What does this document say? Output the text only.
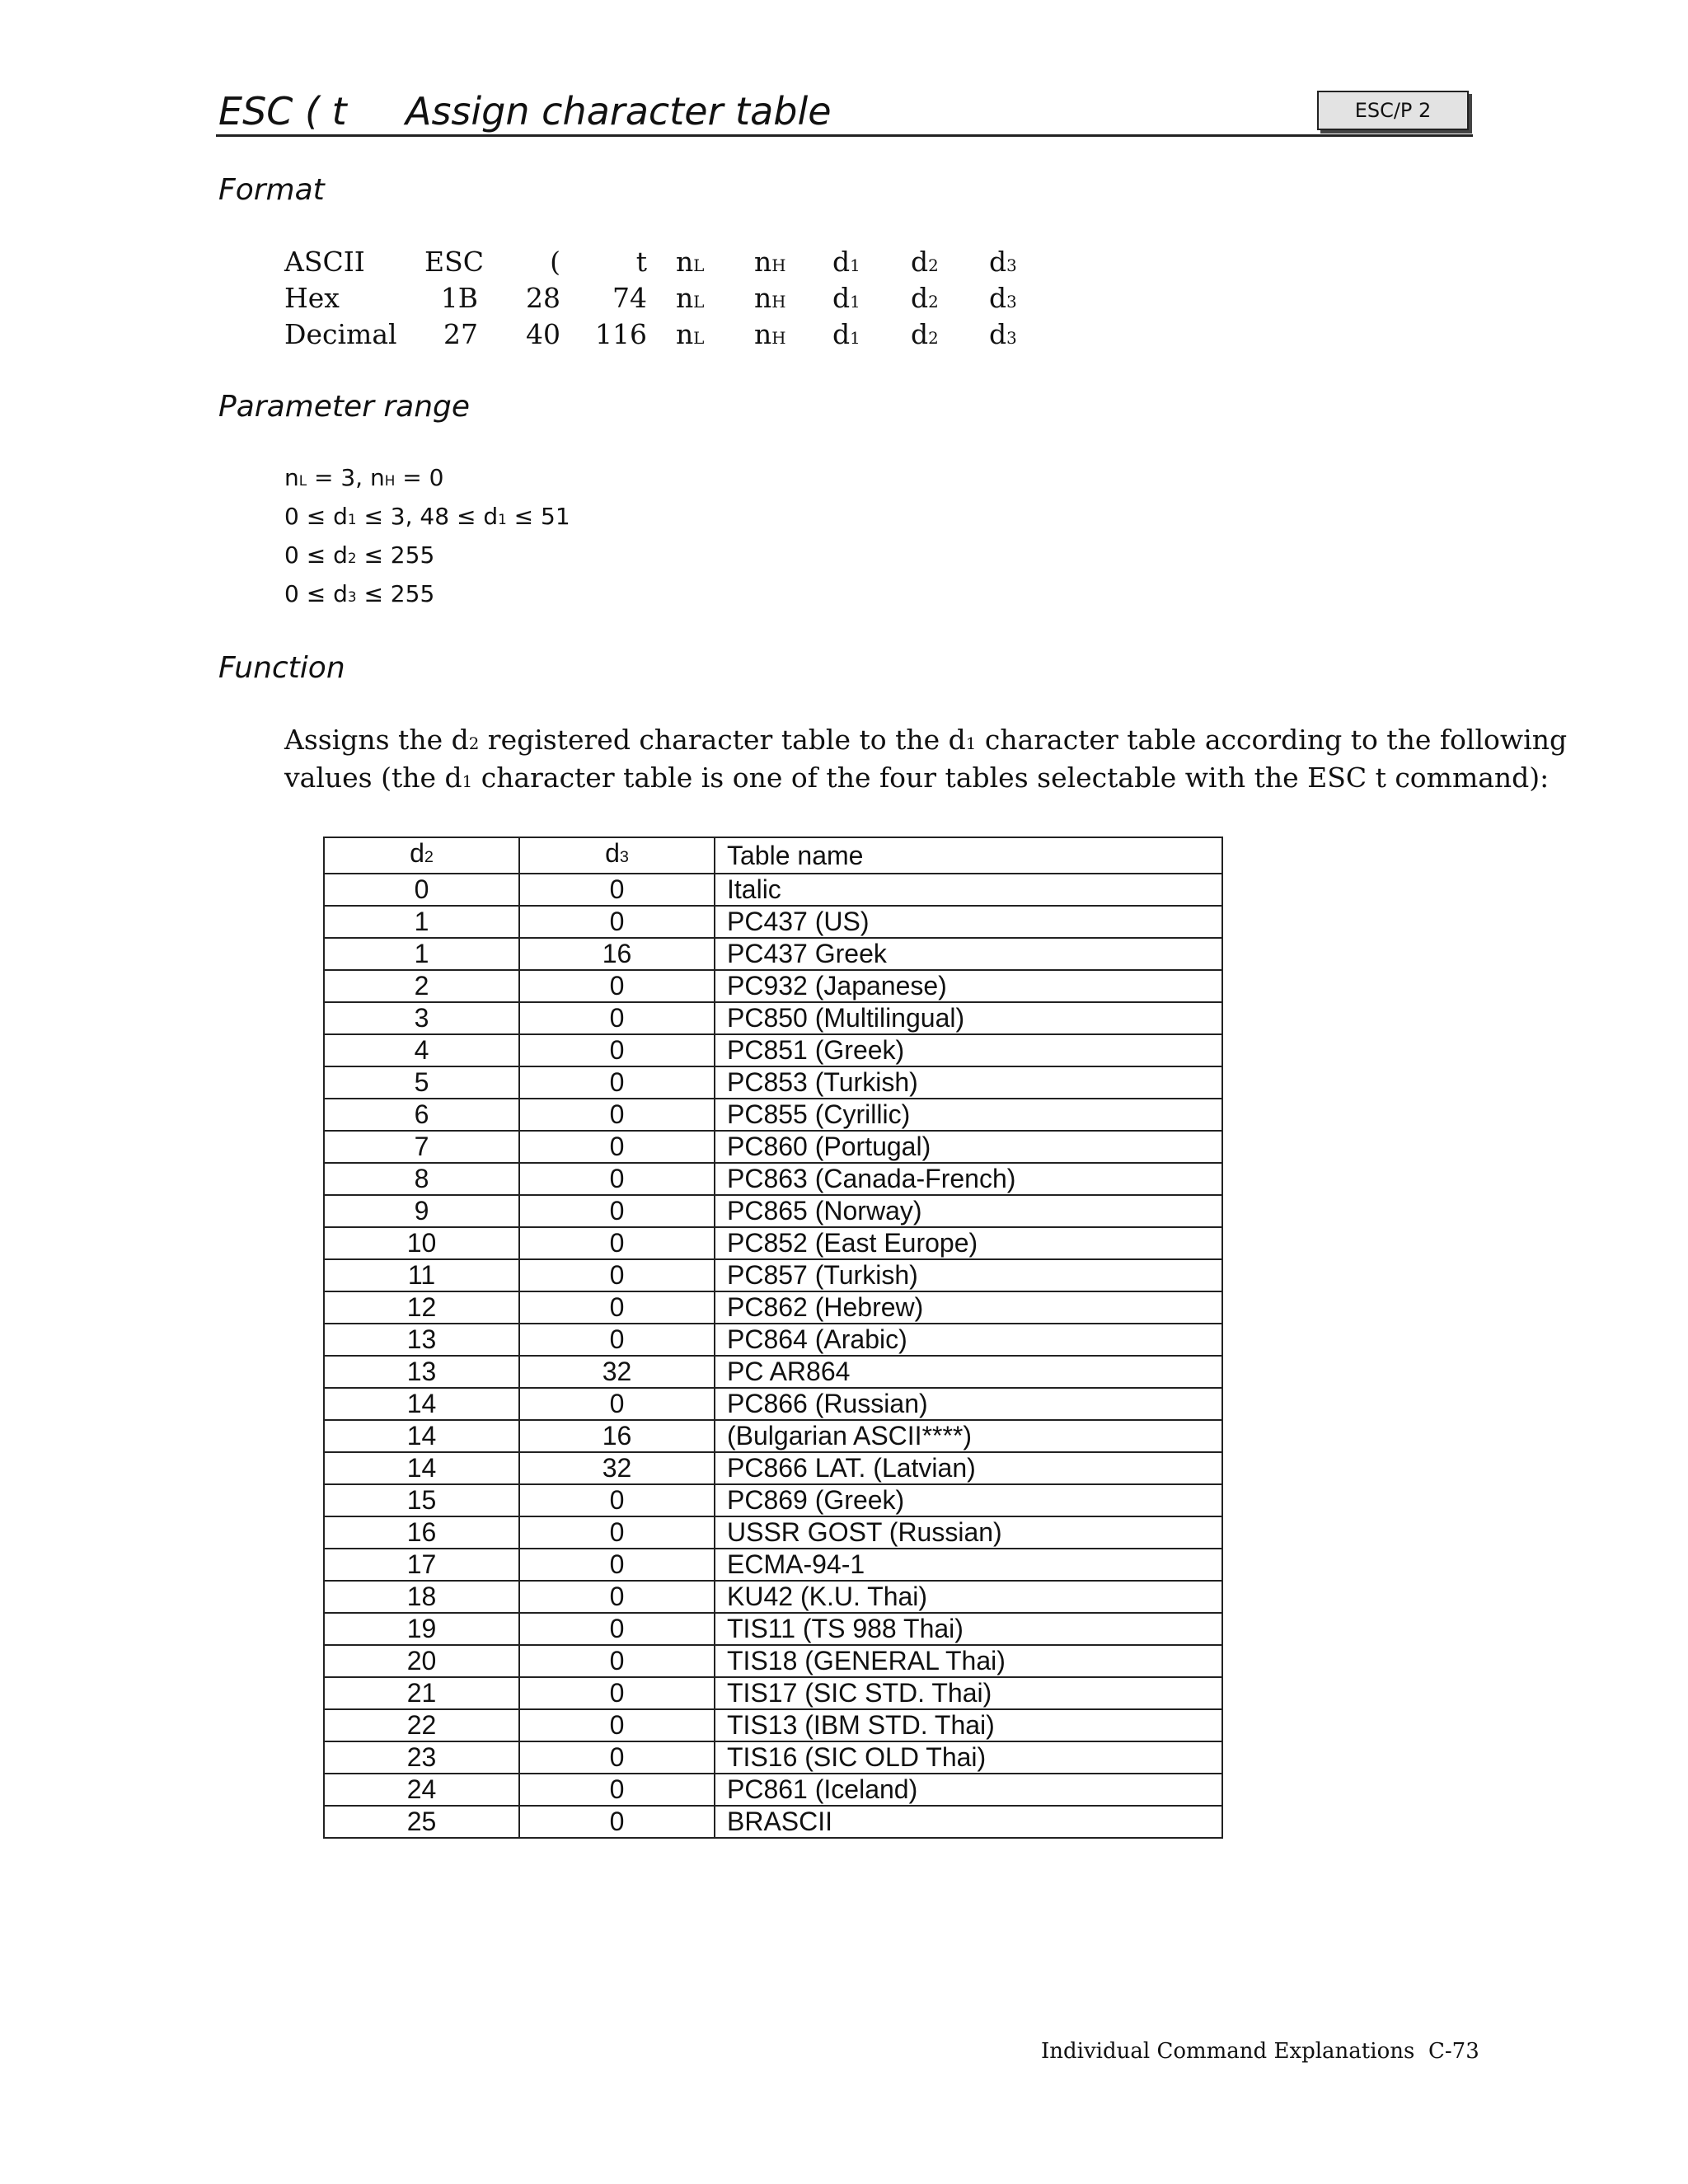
ESC ( t Assign character table	ESC/P 2
Format
ASCII ESC	(	t nL nH d1 d2 d3
Hex	1B 28	74 nL nH d1 d2 d3
Decimal	27 40 116 nL nH d1 d2 d3
Parameter range
nL = 3, nH = 0
0 ≤ d1 ≤ 3, 48 ≤ d1 ≤ 51
0 ≤ d2 ≤ 255
0 ≤ d3 ≤ 255
Function

Assigns the d2 registered character table to the d1 character table according to the following

values (the d1 character table is one of the four tables selectable with the ESC t command):

d2	d3	Table name
0	0	Italic
1	0	PC437 (US)
1	16	PC437 Greek
2	0	PC932 (Japanese)
3	0	PC850 (Multilingual)
4	0	PC851 (Greek)
5	0	PC853 (Turkish)
6	0	PC855 (Cyrillic)
7	0	PC860 (Portugal)
8	0	PC863 (Canada-French)
9	0	PC865 (Norway)
10	0	PC852 (East Europe)
11	0	PC857 (Turkish)
12	0	PC862 (Hebrew)
13	0	PC864 (Arabic)
13	32	PC AR864
14	0	PC866 (Russian)
14	16	(Bulgarian ASCII****)
14	32	PC866 LAT. (Latvian)
15	0	PC869 (Greek)
16	0	USSR GOST (Russian)
17	0	ECMA-94-1
18	0	KU42 (K.U. Thai)
19	0	TIS11 (TS 988 Thai)
20	0	TIS18 (GENERAL Thai)
21	0	TIS17 (SIC STD. Thai)
22	0	TIS13 (IBM STD. Thai)
23	0	TIS16 (SIC OLD Thai)
24	0	PC861 (Iceland)
25	0	BRASCII
Individual Command Explanations C-73
